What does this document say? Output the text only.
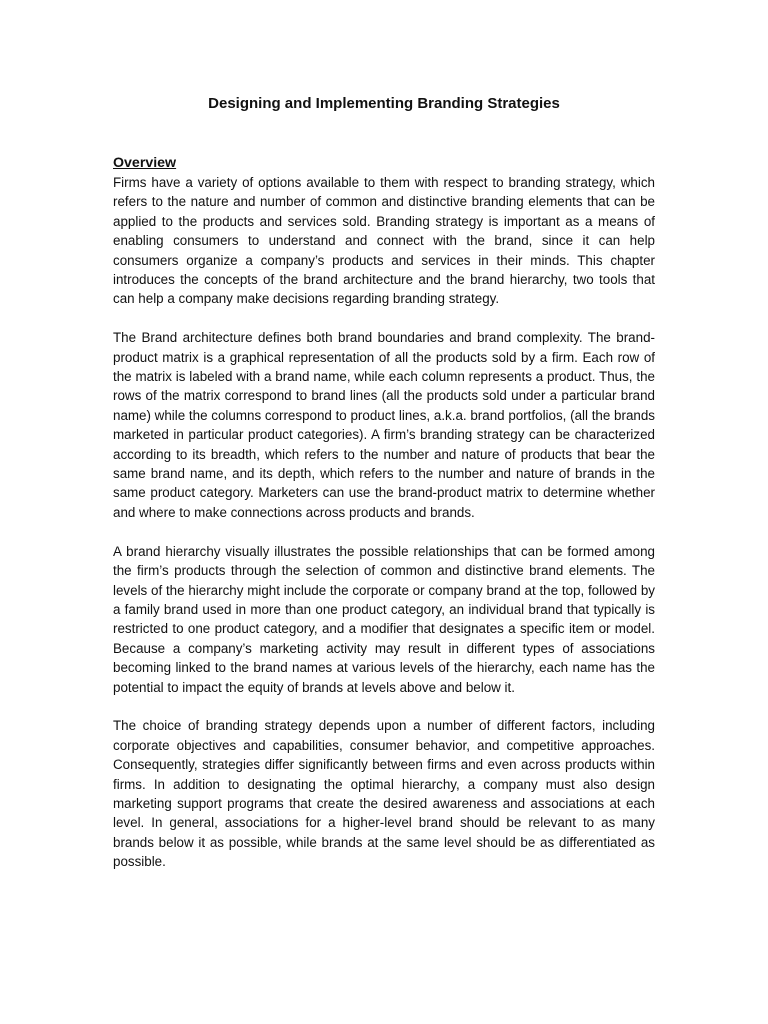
Designing and Implementing Branding Strategies
Overview

Firms have a variety of options available to them with respect to branding strategy, which refers to the nature and number of common and distinctive branding elements that can be applied to the products and services sold. Branding strategy is important as a means of enabling consumers to understand and connect with the brand, since it can help consumers organize a company’s products and services in their minds. This chapter introduces the concepts of the brand architecture and the brand hierarchy, two tools that can help a company make decisions regarding branding strategy.

The Brand architecture defines both brand boundaries and brand complexity. The brand-product matrix is a graphical representation of all the products sold by a firm. Each row of the matrix is labeled with a brand name, while each column represents a product. Thus, the rows of the matrix correspond to brand lines (all the products sold under a particular brand name) while the columns correspond to product lines, a.k.a. brand portfolios, (all the brands marketed in particular product categories). A firm’s branding strategy can be characterized according to its breadth, which refers to the number and nature of products that bear the same brand name, and its depth, which refers to the number and nature of brands in the same product category. Marketers can use the brand-product matrix to determine whether and where to make connections across products and brands.

A brand hierarchy visually illustrates the possible relationships that can be formed among the firm’s products through the selection of common and distinctive brand elements. The levels of the hierarchy might include the corporate or company brand at the top, followed by a family brand used in more than one product category, an individual brand that typically is restricted to one product category, and a modifier that designates a specific item or model. Because a company’s marketing activity may result in different types of associations becoming linked to the brand names at various levels of the hierarchy, each name has the potential to impact the equity of brands at levels above and below it.

The choice of branding strategy depends upon a number of different factors, including corporate objectives and capabilities, consumer behavior, and competitive approaches. Consequently, strategies differ significantly between firms and even across products within firms. In addition to designating the optimal hierarchy, a company must also design marketing support programs that create the desired awareness and associations at each level. In general, associations for a higher-level brand should be relevant to as many brands below it as possible, while brands at the same level should be as differentiated as possible.
